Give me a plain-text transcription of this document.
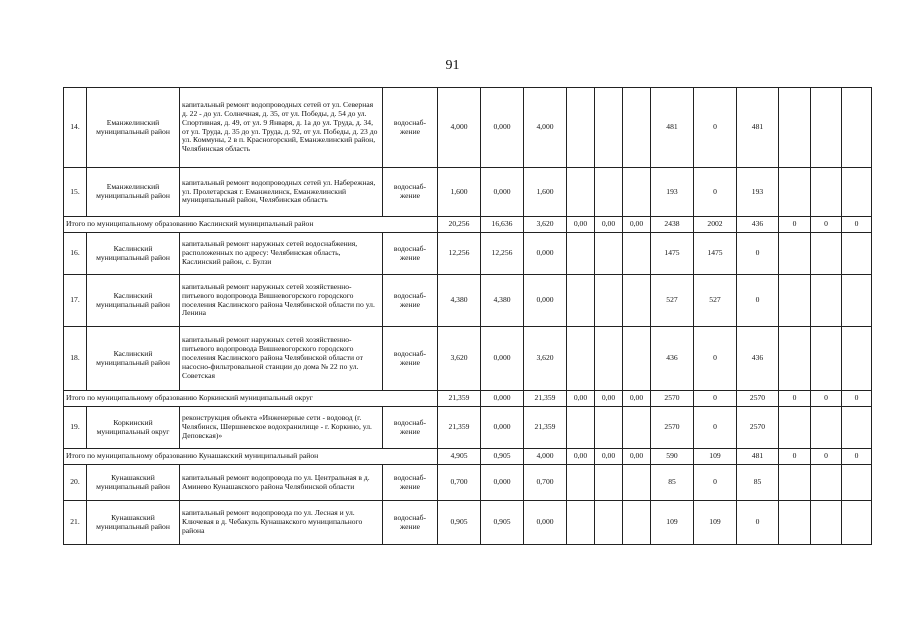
91
14.	Еманжелинский муниципальный район	капитальный ремонт водопроводных сетей от ул. Северная д. 22 - до ул. Солнечная, д. 35, от ул. Победы, д. 54 до ул. Спортивная, д. 49, от ул. 9 Января, д. 1а до ул. Труда, д. 34, от ул. Труда, д. 35 до ул. Труда, д. 92, от ул. Победы, д. 23 до ул. Коммуны, 2 в п. Красногорский, Еманжелинский район, Челябинская область	водоснаб-жение	4,000	0,000	4,000				481	0	481			
15.	Еманжелинский муниципальный район	капитальный ремонт водопроводных сетей ул. Набережная, ул. Пролетарская г. Еманжелинск, Еманжелинский муниципальный район, Челябинская область	водоснаб-жение	1,600	0,000	1,600				193	0	193			
Итого по муниципальному образованию Каслинский муниципальный район				20,256	16,636	3,620	0,00	0,00	0,00	2438	2002	436	0	0	0
16.	Каслинский муниципальный район	капитальный ремонт наружных сетей водоснабжения, расположенных по адресу: Челябинская область, Каслинский район, с. Булзи	водоснаб-жение	12,256	12,256	0,000				1475	1475	0			
17.	Каслинский муниципальный район	капитальный ремонт наружных сетей хозяйственно-питьевого водопровода Вишневогорского городского поселения Каслинского района Челябинской области по ул. Ленина	водоснаб-жение	4,380	4,380	0,000				527	527	0			
18.	Каслинский муниципальный район	капитальный ремонт наружных сетей хозяйственно-питьевого водопровода Вишневогорского городского поселения Каслинского района Челябинской области от насосно-фильтровальной станции до дома № 22 по ул. Советская	водоснаб-жение	3,620	0,000	3,620				436	0	436			
Итого по муниципальному образованию Коркинский муниципальный округ				21,359	0,000	21,359	0,00	0,00	0,00	2570	0	2570	0	0	0
19.	Коркинский муниципальный округ	реконструкция объекта «Инженерные сети - водовод (г. Челябинск, Шершневское водохранилище - г. Коркино, ул. Деповская)»	водоснаб-жение	21,359	0,000	21,359				2570	0	2570			
Итого по муниципальному образованию Кунашакский муниципальный район				4,905	0,905	4,000	0,00	0,00	0,00	590	109	481	0	0	0
20.	Кунашакский муниципальный район	капитальный ремонт водопровода по ул. Центральная в д. Аминево Кунашакского района Челябинской области	водоснаб-жение	0,700	0,000	0,700				85	0	85			
21.	Кунашакский муниципальный район	капитальный ремонт водопровода по ул. Лесная и ул. Ключевая в д. Чебакуль Кунашакского муниципального района	водоснаб-жение	0,905	0,905	0,000				109	109	0			
